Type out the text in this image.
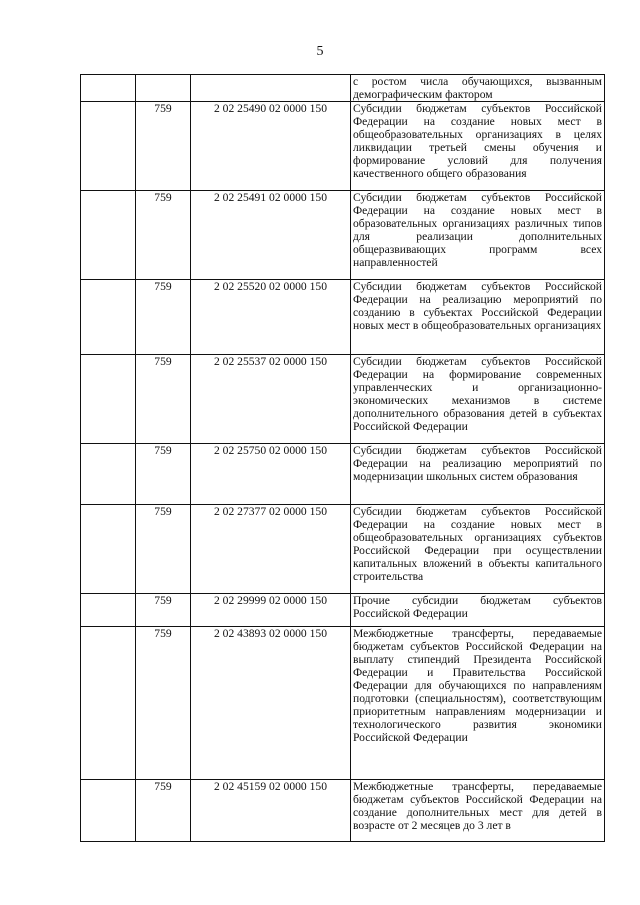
5
			с ростом числа обучающихся, вызванным демографическим фактором
	759	2 02 25490 02 0000 150	Субсидии бюджетам субъектов Российской Федерации на создание новых мест в общеобразовательных организациях в целях ликвидации третьей смены обучения и формирование условий для получения качественного общего образования
	759	2 02 25491 02 0000 150	Субсидии бюджетам субъектов Российской Федерации на создание новых мест в образовательных организациях различных типов для реализации дополнительных общеразвивающих программ всех направленностей
	759	2 02 25520 02 0000 150	Субсидии бюджетам субъектов Российской Федерации на реализацию мероприятий по созданию в субъектах Российской Федерации новых мест в общеобразовательных организациях
	759	2 02 25537 02 0000 150	Субсидии бюджетам субъектов Российской Федерации на формирование современных управленческих и организационно-экономических механизмов в системе дополнительного образования детей в субъектах Российской Федерации
	759	2 02 25750 02 0000 150	Субсидии бюджетам субъектов Российской Федерации на реализацию мероприятий по модернизации школьных систем образования
	759	2 02 27377 02 0000 150	Субсидии бюджетам субъектов Российской Федерации на создание новых мест в общеобразовательных организациях субъектов Российской Федерации при осуществлении капитальных вложений в объекты капитального строительства
	759	2 02 29999 02 0000 150	Прочие субсидии бюджетам субъектов Российской Федерации
	759	2 02 43893 02 0000 150	Межбюджетные трансферты, передаваемые бюджетам субъектов Российской Федерации на выплату стипендий Президента Российской Федерации и Правительства Российской Федерации для обучающихся по направлениям подготовки (специальностям), соответствующим приоритетным направлениям модернизации и технологического развития экономики Российской Федерации
	759	2 02 45159 02 0000 150	Межбюджетные трансферты, передаваемые бюджетам субъектов Российской Федерации на создание дополнительных мест для детей в возрасте от 2 месяцев до 3 лет в
